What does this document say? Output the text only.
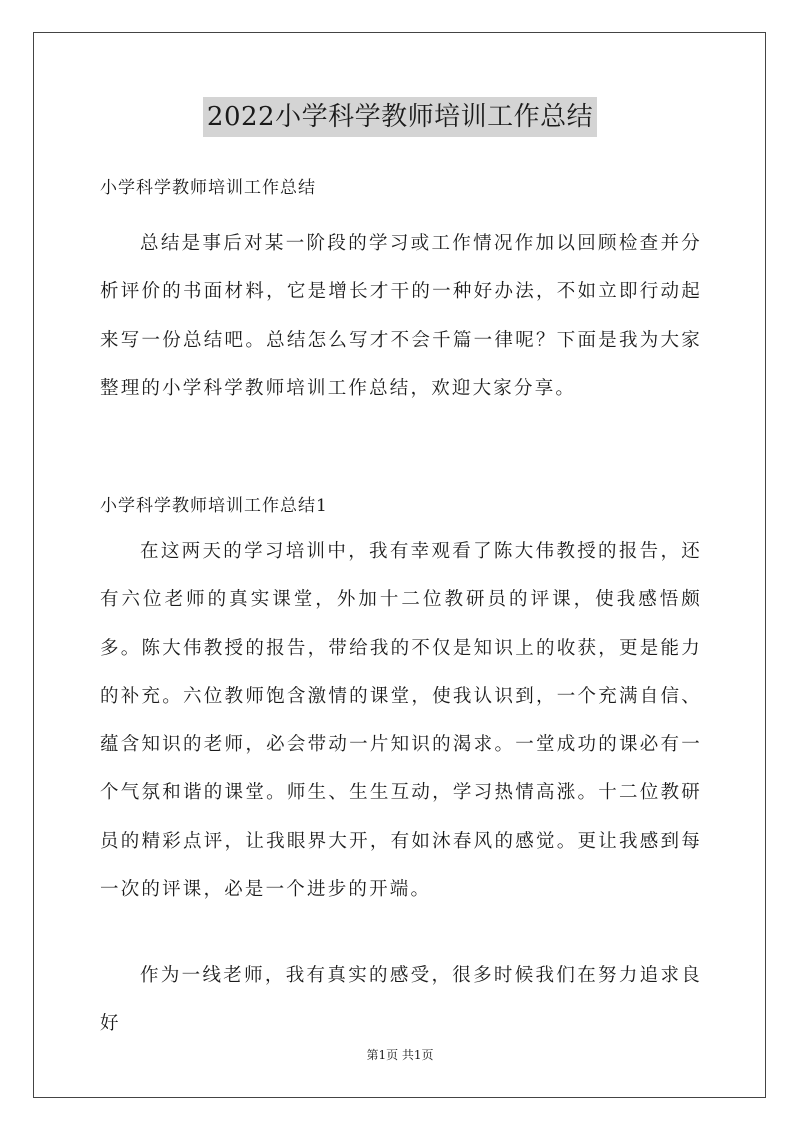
2022小学科学教师培训工作总结
小学科学教师培训工作总结

总结是事后对某一阶段的学习或工作情况作加以回顾检查并分析评价的书面材料，它是增长才干的一种好办法，不如立即行动起来写一份总结吧。总结怎么写才不会千篇一律呢？下面是我为大家整理的小学科学教师培训工作总结，欢迎大家分享。

小学科学教师培训工作总结1

在这两天的学习培训中，我有幸观看了陈大伟教授的报告，还有六位老师的真实课堂，外加十二位教研员的评课，使我感悟颇多。陈大伟教授的报告，带给我的不仅是知识上的收获，更是能力的补充。六位教师饱含激情的课堂，使我认识到，一个充满自信、蕴含知识的老师，必会带动一片知识的渴求。一堂成功的课必有一个气氛和谐的课堂。师生、生生互动，学习热情高涨。十二位教研员的精彩点评，让我眼界大开，有如沐春风的感觉。更让我感到每一次的评课，必是一个进步的开端。

作为一线老师，我有真实的感受，很多时候我们在努力追求良好

第1页 共1页
